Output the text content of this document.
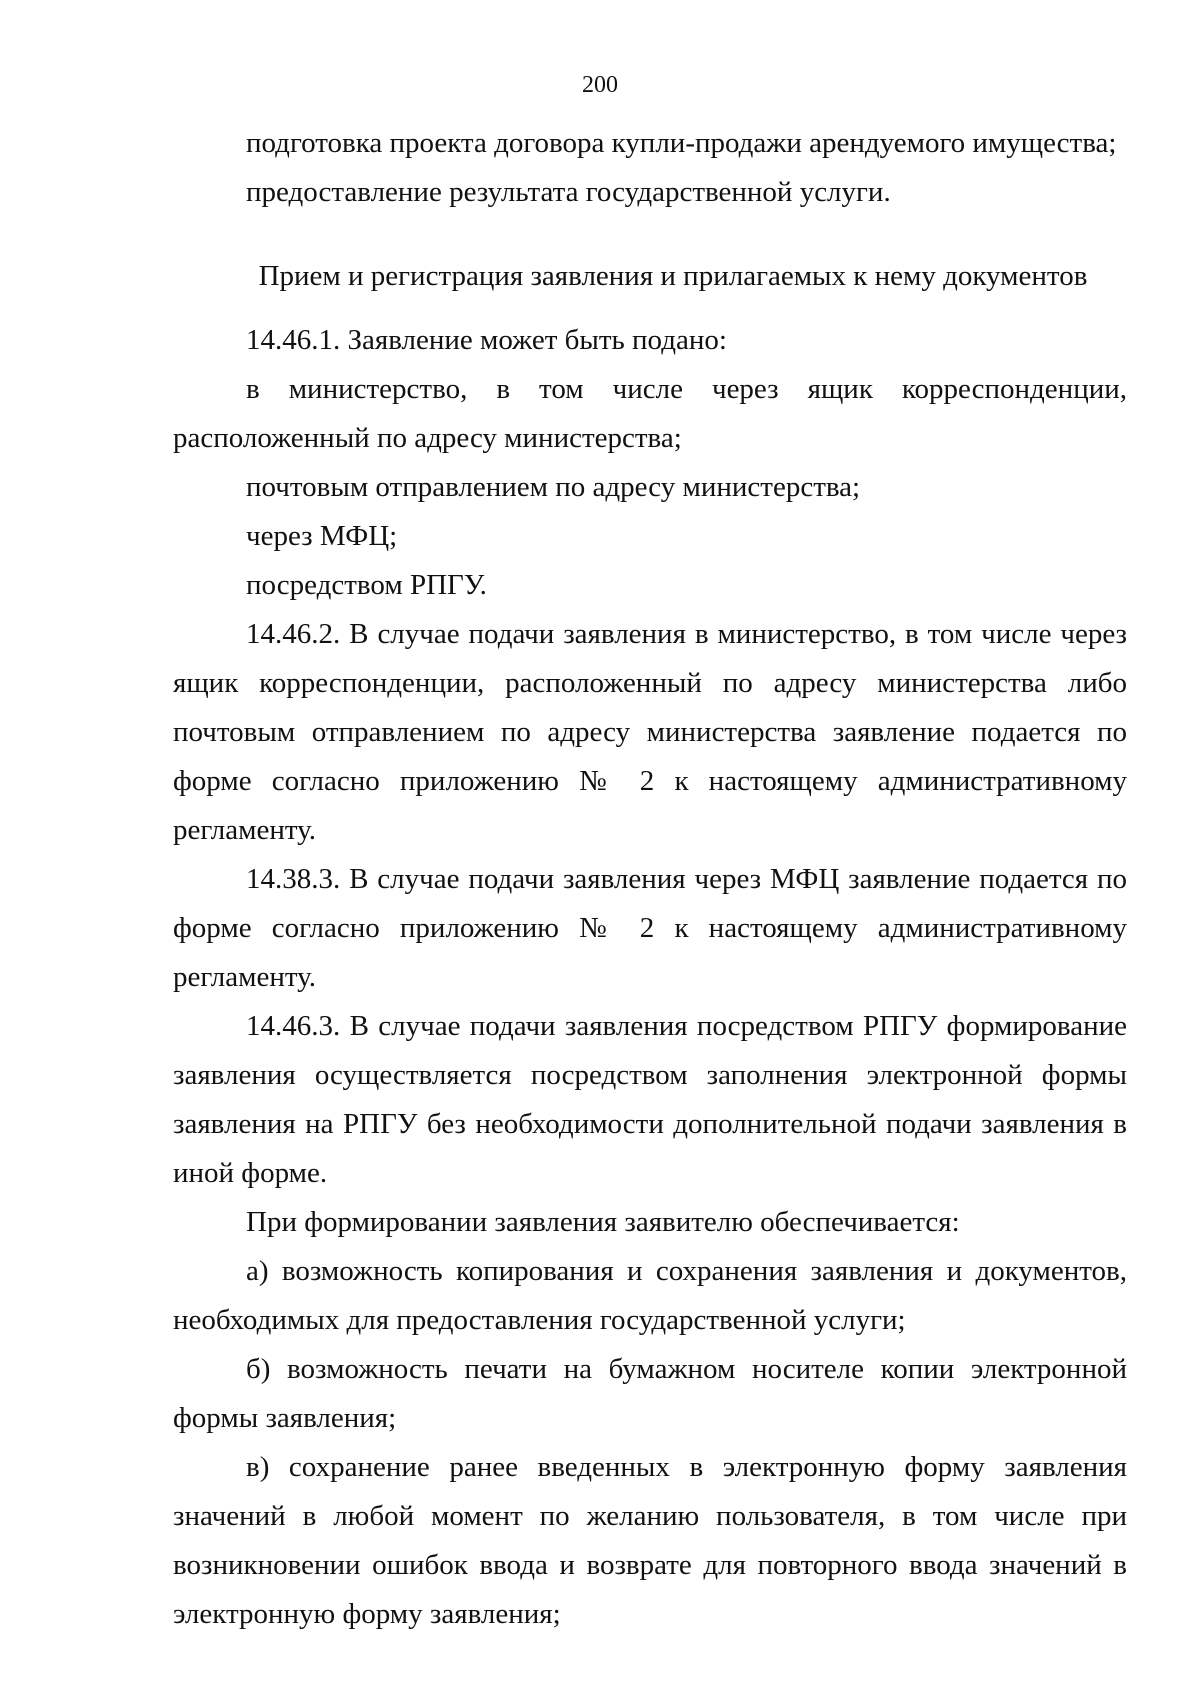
200

подготовка проекта договора купли-продажи арендуемого имущества;

предоставление результата государственной услуги.

Прием и регистрация заявления и прилагаемых к нему документов

14.46.1. Заявление может быть подано:

в министерство, в том числе через ящик корреспонденции, расположенный по адресу министерства;

почтовым отправлением по адресу министерства;

через МФЦ;

посредством РПГУ.

14.46.2. В случае подачи заявления в министерство, в том числе через ящик корреспонденции, расположенный по адресу министерства либо почтовым отправлением по адресу министерства заявление подается по форме согласно приложению № 2 к настоящему административному регламенту.

14.38.3. В случае подачи заявления через МФЦ заявление подается по форме согласно приложению № 2 к настоящему административному регламенту.

14.46.3. В случае подачи заявления посредством РПГУ формирование заявления осуществляется посредством заполнения электронной формы заявления на РПГУ без необходимости дополнительной подачи заявления в иной форме.

При формировании заявления заявителю обеспечивается:

а) возможность копирования и сохранения заявления и документов, необходимых для предоставления государственной услуги;

б) возможность печати на бумажном носителе копии электронной формы заявления;

в) сохранение ранее введенных в электронную форму заявления значений в любой момент по желанию пользователя, в том числе при возникновении ошибок ввода и возврате для повторного ввода значений в электронную форму заявления;
